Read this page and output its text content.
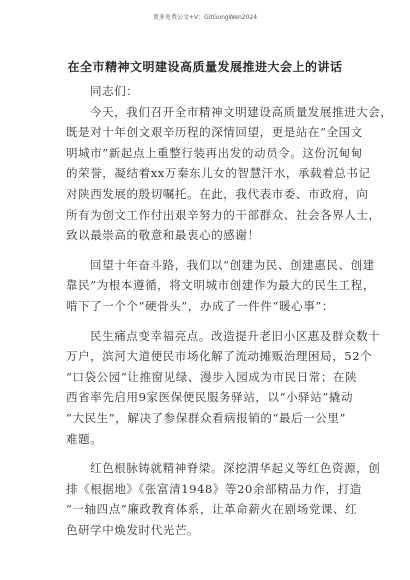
更多免费公文+V：GitGongWen2024
在全市精神文明建设高质量发展推进大会上的讲话
同志们：
今天，我们召开全市精神文明建设高质量发展推进大会，
既是对十年创文艰辛历程的深情回望，更是站在“全国文
明城市”新起点上重整行装再出发的动员令。这份沉甸甸
的荣誉，凝结着xx万秦东儿女的智慧汗水，承载着总书记
对陕西发展的殷切嘱托。在此，我代表市委、市政府，向
所有为创文工作付出艰辛努力的干部群众、社会各界人士，
致以最崇高的敬意和最衷心的感谢！
回望十年奋斗路，我们以“创建为民、创建惠民、创建
靠民”为根本遵循，将文明城市创建作为最大的民生工程，
啃下了一个个“硬骨头”，办成了一件件“暖心事”：
民生痛点变幸福亮点。改造提升老旧小区惠及群众数十
万户，滨河大道便民市场化解了流动摊贩治理困局，52个
“口袋公园”让推窗见绿、漫步入园成为市民日常；在陕
西省率先启用9家医保便民服务驿站，以“小驿站”撬动
“大民生”，解决了参保群众看病报销的“最后一公里”
难题。
红色根脉铸就精神脊梁。深挖渭华起义等红色资源，创
排《根据地》《张富清1948》等20余部精品力作，打造
“一轴四点”廉政教育体系，让革命薪火在剧场党课、红
色研学中焕发时代光芒。
